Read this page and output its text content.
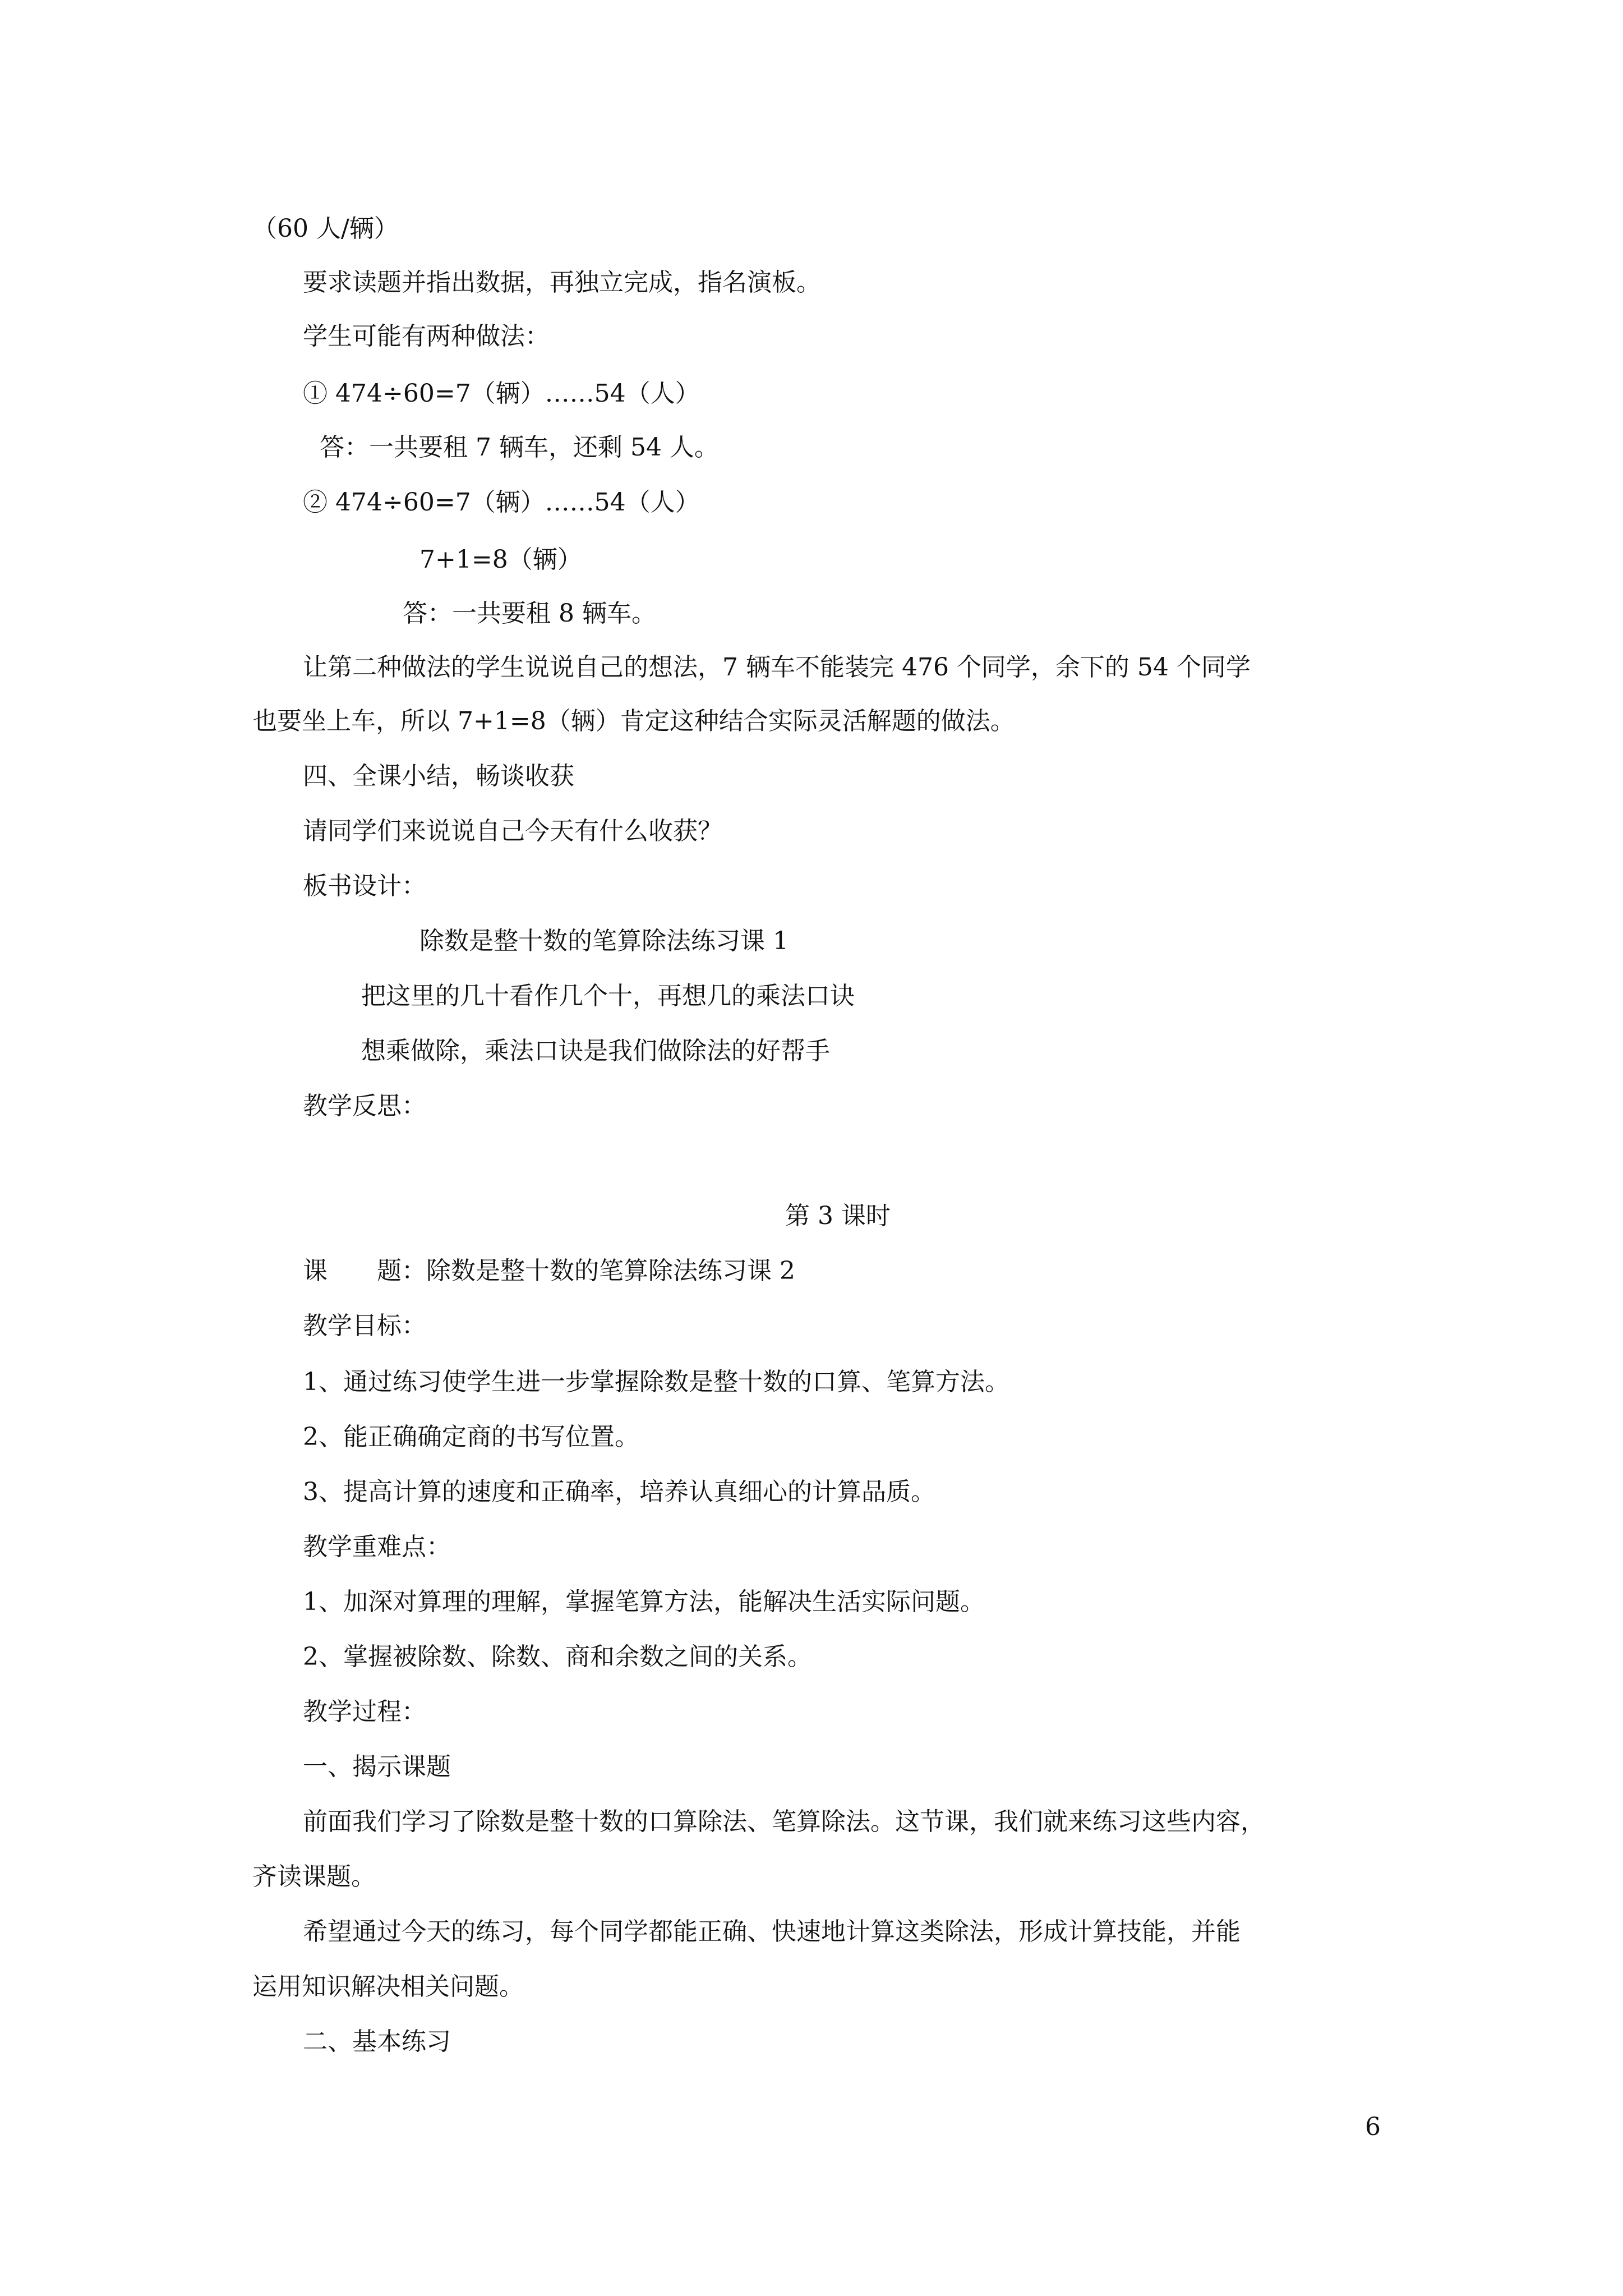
（60 人/辆）
要求读题并指出数据，再独立完成，指名演板。
学生可能有两种做法：
① 474÷60=7（辆）……54（人）
答：一共要租 7 辆车，还剩 54 人。
② 474÷60=7（辆）……54（人）
7+1=8（辆）
答：一共要租 8 辆车。
让第二种做法的学生说说自己的想法，7 辆车不能装完 476 个同学，余下的 54 个同学
也要坐上车，所以 7+1=8（辆）肯定这种结合实际灵活解题的做法。
四、全课小结，畅谈收获
请同学们来说说自己今天有什么收获？
板书设计：
除数是整十数的笔算除法练习课 1
把这里的几十看作几个十，再想几的乘法口诀
想乘做除，乘法口诀是我们做除法的好帮手
教学反思：
第 3 课时
课　　题：除数是整十数的笔算除法练习课 2
教学目标：
1、通过练习使学生进一步掌握除数是整十数的口算、笔算方法。
2、能正确确定商的书写位置。
3、提高计算的速度和正确率，培养认真细心的计算品质。
教学重难点：
1、加深对算理的理解，掌握笔算方法，能解决生活实际问题。
2、掌握被除数、除数、商和余数之间的关系。
教学过程：
一、揭示课题
前面我们学习了除数是整十数的口算除法、笔算除法。这节课，我们就来练习这些内容，
齐读课题。
希望通过今天的练习，每个同学都能正确、快速地计算这类除法，形成计算技能，并能
运用知识解决相关问题。
二、基本练习
6
